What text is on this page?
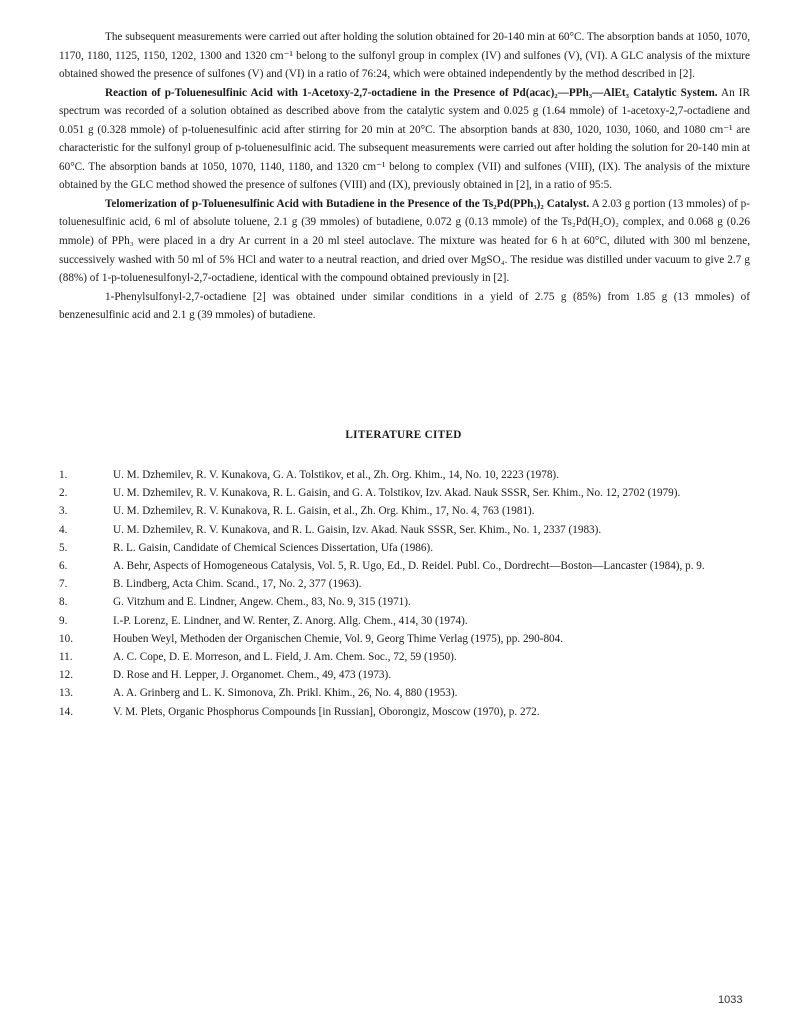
The subsequent measurements were carried out after holding the solution obtained for 20-140 min at 60°C. The absorption bands at 1050, 1070, 1170, 1180, 1125, 1150, 1202, 1300 and 1320 cm⁻¹ belong to the sulfonyl group in complex (IV) and sulfones (V), (VI). A GLC analysis of the mixture obtained showed the presence of sulfones (V) and (VI) in a ratio of 76:24, which were obtained independently by the method described in [2].

Reaction of p-Toluenesulfinic Acid with 1-Acetoxy-2,7-octadiene in the Presence of Pd(acac)₂—PPh₃—AlEt₃ Catalytic System. An IR spectrum was recorded of a solution obtained as described above from the catalytic system and 0.025 g (1.64 mmole) of 1-acetoxy-2,7-octadiene and 0.051 g (0.328 mmole) of p-toluenesulfinic acid after stirring for 20 min at 20°C. The absorption bands at 830, 1020, 1030, 1060, and 1080 cm⁻¹ are characteristic for the sulfonyl group of p-toluenesulfinic acid. The subsequent measurements were carried out after holding the solution for 20-140 min at 60°C. The absorption bands at 1050, 1070, 1140, 1180, and 1320 cm⁻¹ belong to complex (VII) and sulfones (VIII), (IX). The analysis of the mixture obtained by the GLC method showed the presence of sulfones (VIII) and (IX), previously obtained in [2], in a ratio of 95:5.

Telomerization of p-Toluenesulfinic Acid with Butadiene in the Presence of the Ts₂Pd(PPh₃)₂ Catalyst. A 2.03 g portion (13 mmoles) of p-toluenesulfinic acid, 6 ml of absolute toluene, 2.1 g (39 mmoles) of butadiene, 0.072 g (0.13 mmole) of the Ts₂Pd(H₂O)₂ complex, and 0.068 g (0.26 mmole) of PPh₃ were placed in a dry Ar current in a 20 ml steel autoclave. The mixture was heated for 6 h at 60°C, diluted with 300 ml benzene, successively washed with 50 ml of 5% HCl and water to a neutral reaction, and dried over MgSO₄. The residue was distilled under vacuum to give 2.7 g (88%) of 1-p-toluenesulfonyl-2,7-octadiene, identical with the compound obtained previously in [2].

1-Phenylsulfonyl-2,7-octadiene [2] was obtained under similar conditions in a yield of 2.75 g (85%) from 1.85 g (13 mmoles) of benzenesulfinic acid and 2.1 g (39 mmoles) of butadiene.

LITERATURE CITED
1.	U. M. Dzhemilev, R. V. Kunakova, G. A. Tolstikov, et al., Zh. Org. Khim., 14, No. 10, 2223 (1978).
2.	U. M. Dzhemilev, R. V. Kunakova, R. L. Gaisin, and G. A. Tolstikov, Izv. Akad. Nauk SSSR, Ser. Khim., No. 12, 2702 (1979).
3.	U. M. Dzhemilev, R. V. Kunakova, R. L. Gaisin, et al., Zh. Org. Khim., 17, No. 4, 763 (1981).
4.	U. M. Dzhemilev, R. V. Kunakova, and R. L. Gaisin, Izv. Akad. Nauk SSSR, Ser. Khim., No. 1, 2337 (1983).
5.	R. L. Gaisin, Candidate of Chemical Sciences Dissertation, Ufa (1986).
6.	A. Behr, Aspects of Homogeneous Catalysis, Vol. 5, R. Ugo, Ed., D. Reidel. Publ. Co., Dordrecht—Boston—Lancaster (1984), p. 9.
7.	B. Lindberg, Acta Chim. Scand., 17, No. 2, 377 (1963).
8.	G. Vitzhum and E. Lindner, Angew. Chem., 83, No. 9, 315 (1971).
9.	I.-P. Lorenz, E. Lindner, and W. Renter, Z. Anorg. Allg. Chem., 414, 30 (1974).
10.	Houben Weyl, Methoden der Organischen Chemie, Vol. 9, Georg Thime Verlag (1975), pp. 290-804.
11.	A. C. Cope, D. E. Morreson, and L. Field, J. Am. Chem. Soc., 72, 59 (1950).
12.	D. Rose and H. Lepper, J. Organomet. Chem., 49, 473 (1973).
13.	A. A. Grinberg and L. K. Simonova, Zh. Prikl. Khim., 26, No. 4, 880 (1953).
14.	V. M. Plets, Organic Phosphorus Compounds [in Russian], Oborongiz, Moscow (1970), p. 272.
1033
